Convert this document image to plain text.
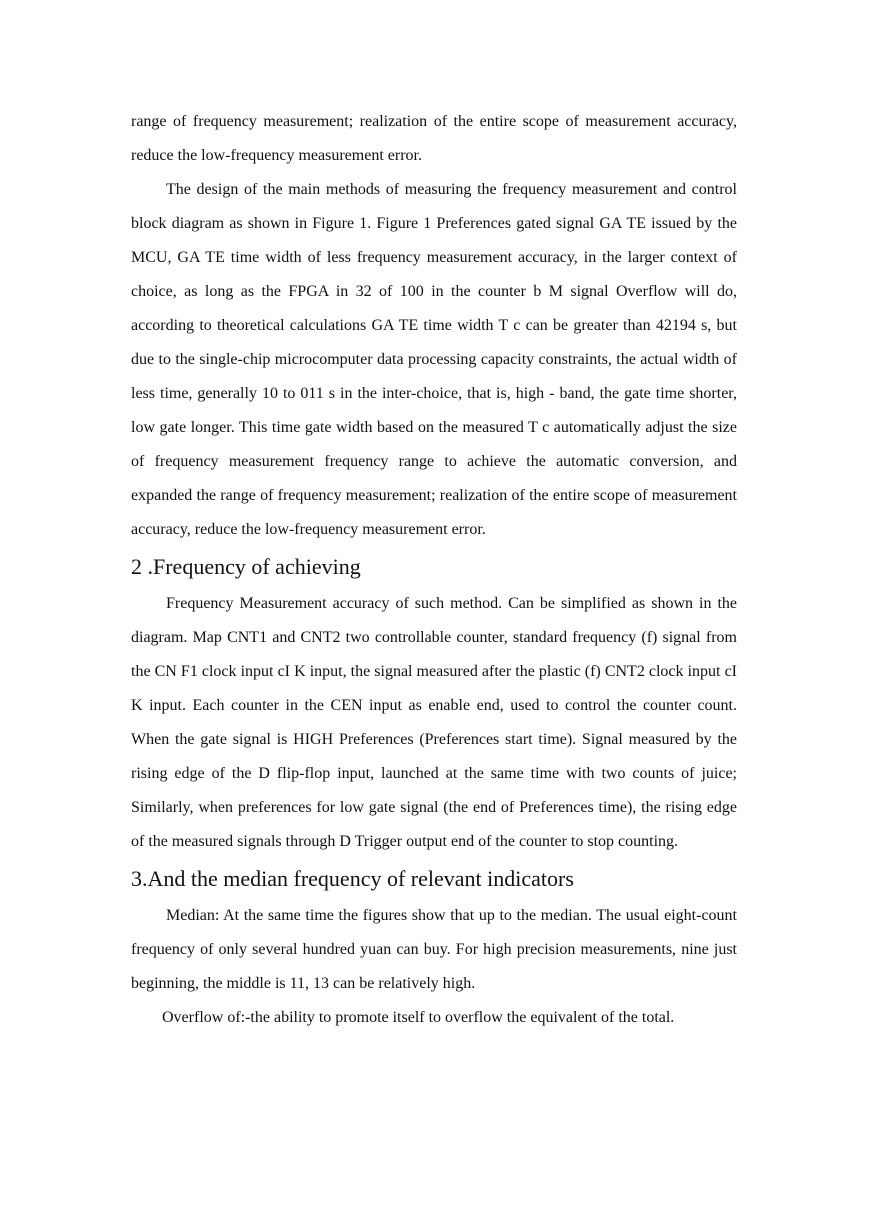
range of frequency measurement; realization of the entire scope of measurement accuracy, reduce the low-frequency measurement error.

The design of the main methods of measuring the frequency measurement and control block diagram as shown in Figure 1. Figure 1 Preferences gated signal GA TE issued by the MCU, GA TE time width of less frequency measurement accuracy, in the larger context of choice, as long as the FPGA in 32 of 100 in the counter b M signal Overflow will do, according to theoretical calculations GA TE time width T c can be greater than 42194 s, but due to the single-chip microcomputer data processing capacity constraints, the actual width of less time, generally 10 to 011 s in the inter-choice, that is, high - band, the gate time shorter, low gate longer. This time gate width based on the measured T c automatically adjust the size of frequency measurement frequency range to achieve the automatic conversion, and expanded the range of frequency measurement; realization of the entire scope of measurement accuracy, reduce the low-frequency measurement error.

2 .Frequency of achieving

Frequency Measurement accuracy of such method. Can be simplified as shown in the diagram. Map CNT1 and CNT2 two controllable counter, standard frequency (f) signal from the CN F1 clock input cI K input, the signal measured after the plastic (f) CNT2 clock input cI K input. Each counter in the CEN input as enable end, used to control the counter count. When the gate signal is HIGH Preferences (Preferences start time). Signal measured by the rising edge of the D flip-flop input, launched at the same time with two counts of juice; Similarly, when preferences for low gate signal (the end of Preferences time), the rising edge of the measured signals through D Trigger output end of the counter to stop counting.

3.And the median frequency of relevant indicators

Median: At the same time the figures show that up to the median. The usual eight-count frequency of only several hundred yuan can buy. For high precision measurements, nine just beginning, the middle is 11, 13 can be relatively high.

Overflow of:-the ability to promote itself to overflow the equivalent of the total.
